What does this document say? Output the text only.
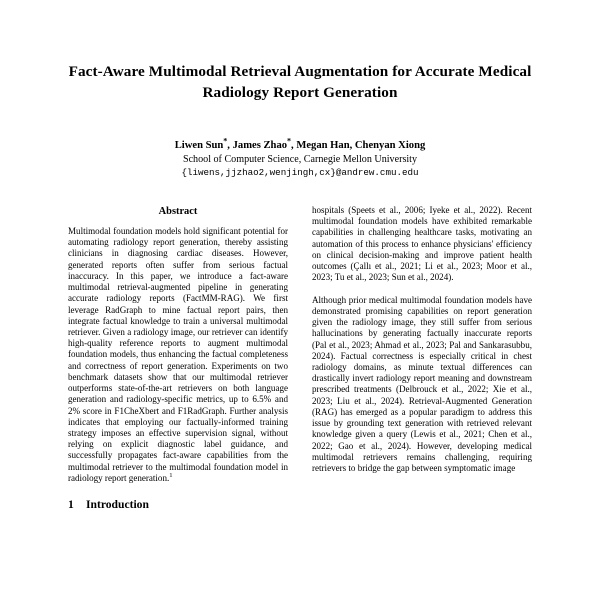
Fact-Aware Multimodal Retrieval Augmentation for Accurate Medical Radiology Report Generation

Liwen Sun*, James Zhao*, Megan Han, Chenyan Xiong

School of Computer Science, Carnegie Mellon University

{liwens,jjzhao2,wenjingh,cx}@andrew.cmu.edu

Abstract

Multimodal foundation models hold significant potential for automating radiology report generation, thereby assisting clinicians in diagnosing cardiac diseases. However, generated reports often suffer from serious factual inaccuracy. In this paper, we introduce a fact-aware multimodal retrieval-augmented pipeline in generating accurate radiology reports (FactMM-RAG). We first leverage RadGraph to mine factual report pairs, then integrate factual knowledge to train a universal multimodal retriever. Given a radiology image, our retriever can identify high-quality reference reports to augment multimodal foundation models, thus enhancing the factual completeness and correctness of report generation. Experiments on two benchmark datasets show that our multimodal retriever outperforms state-of-the-art retrievers on both language generation and radiology-specific metrics, up to 6.5% and 2% score in F1CheXbert and F1RadGraph. Further analysis indicates that employing our factually-informed training strategy imposes an effective supervision signal, without relying on explicit diagnostic label guidance, and successfully propagates fact-aware capabilities from the multimodal retriever to the multimodal foundation model in radiology report generation.$^1$

1	Introduction

hospitals (Speets et al., 2006; Iyeke et al., 2022). Recent multimodal foundation models have exhibited remarkable capabilities in challenging healthcare tasks, motivating an automation of this process to enhance physicians' efficiency on clinical decision-making and improve patient health outcomes (Çallı et al., 2021; Li et al., 2023; Moor et al., 2023; Tu et al., 2023; Sun et al., 2024).

Although prior medical multimodal foundation models have demonstrated promising capabilities on report generation given the radiology image, they still suffer from serious hallucinations by generating factually inaccurate reports (Pal et al., 2023; Ahmad et al., 2023; Pal and Sankarasubbu, 2024). Factual correctness is especially critical in chest radiology domains, as minute textual differences can drastically invert radiology report meaning and downstream prescribed treatments (Delbrouck et al., 2022; Xie et al., 2023; Liu et al., 2024). Retrieval-Augmented Generation (RAG) has emerged as a popular paradigm to address this issue by grounding text generation with retrieved relevant knowledge given a query (Lewis et al., 2021; Chen et al., 2022; Gao et al., 2024). However, developing medical multimodal retrievers remains challenging, requiring retrievers to bridge the gap between symptomatic image
